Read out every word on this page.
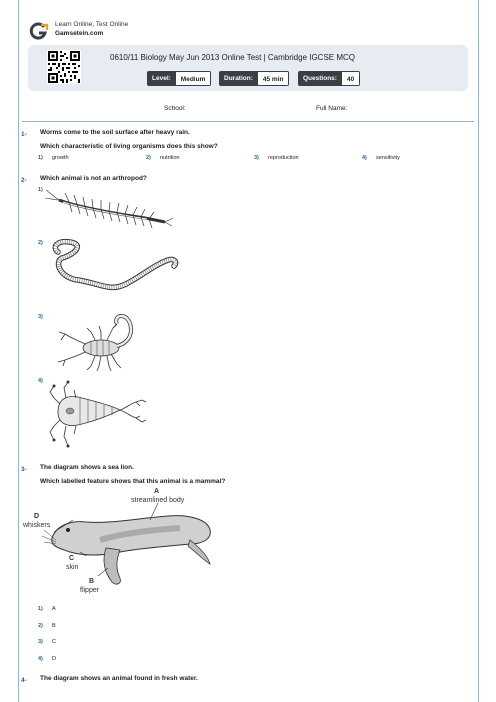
Learn Online, Test Online
Gamsetein.com
0610/11 Biology May Jun 2013 Online Test | Cambridge IGCSE MCQ
Level:	Medium	Duration:	45 min	Questions:	40
School:	Full Name:
1- Worms come to the soil surface after heavy rain.
Which characteristic of living organisms does this show?
1) growth	2) nutrition	3) reproduction	4) sensitivity
2- Which animal is not an arthropod?
1)
2)
3)
4)
3- The diagram shows a sea lion.
Which labelled feature shows that this animal is a mammal?
A
streamlined body
D
whiskers
C
skin
B
flipper
1) A
2) B
3) C
4) D
4- The diagram shows an animal found in fresh water.
